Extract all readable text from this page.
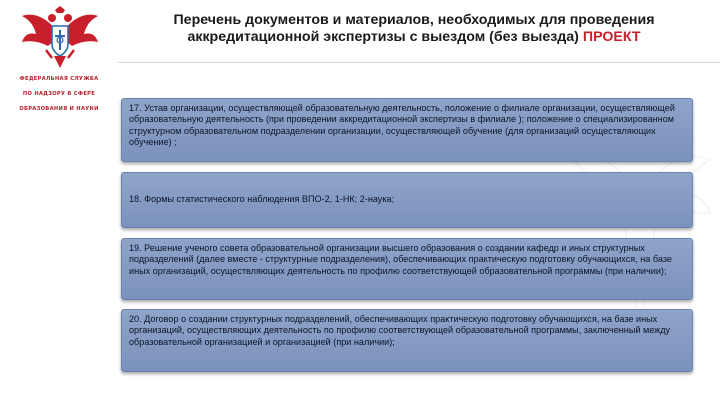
ФЕДЕРАЛЬНАЯ СЛУЖБА
ПО НАДЗОРУ В СФЕРЕ
ОБРАЗОВАНИЯ И НАУКИ
Перечень документов и материалов, необходимых для проведения
аккредитационной экспертизы с выездом (без выезда) ПРОЕКТ
17. Устав организации, осуществляющей образовательную деятельность, положение о филиале организации, осуществляющей образовательную деятельность (при проведении аккредитационной экспертизы в филиале ); положение о специализированном структурном образовательном подразделении организации, осуществляющей обучение (для организаций осуществляющих обучение) ;
18. Формы статистического наблюдения ВПО-2, 1-НК; 2-наука;
19. Решение ученого совета образовательной организации высшего образования о создании кафедр и иных структурных подразделений (далее вместе - структурные подразделения), обеспечивающих практическую подготовку обучающихся, на базе иных организаций, осуществляющих деятельность по профилю соответствующей образовательной программы (при наличии);
20. Договор о создании структурных подразделений, обеспечивающих практическую подготовку обучающихся, на базе иных организаций, осуществляющих деятельность по профилю соответствующей образовательной программы, заключенный между образовательной организацией и организацией (при наличии);
